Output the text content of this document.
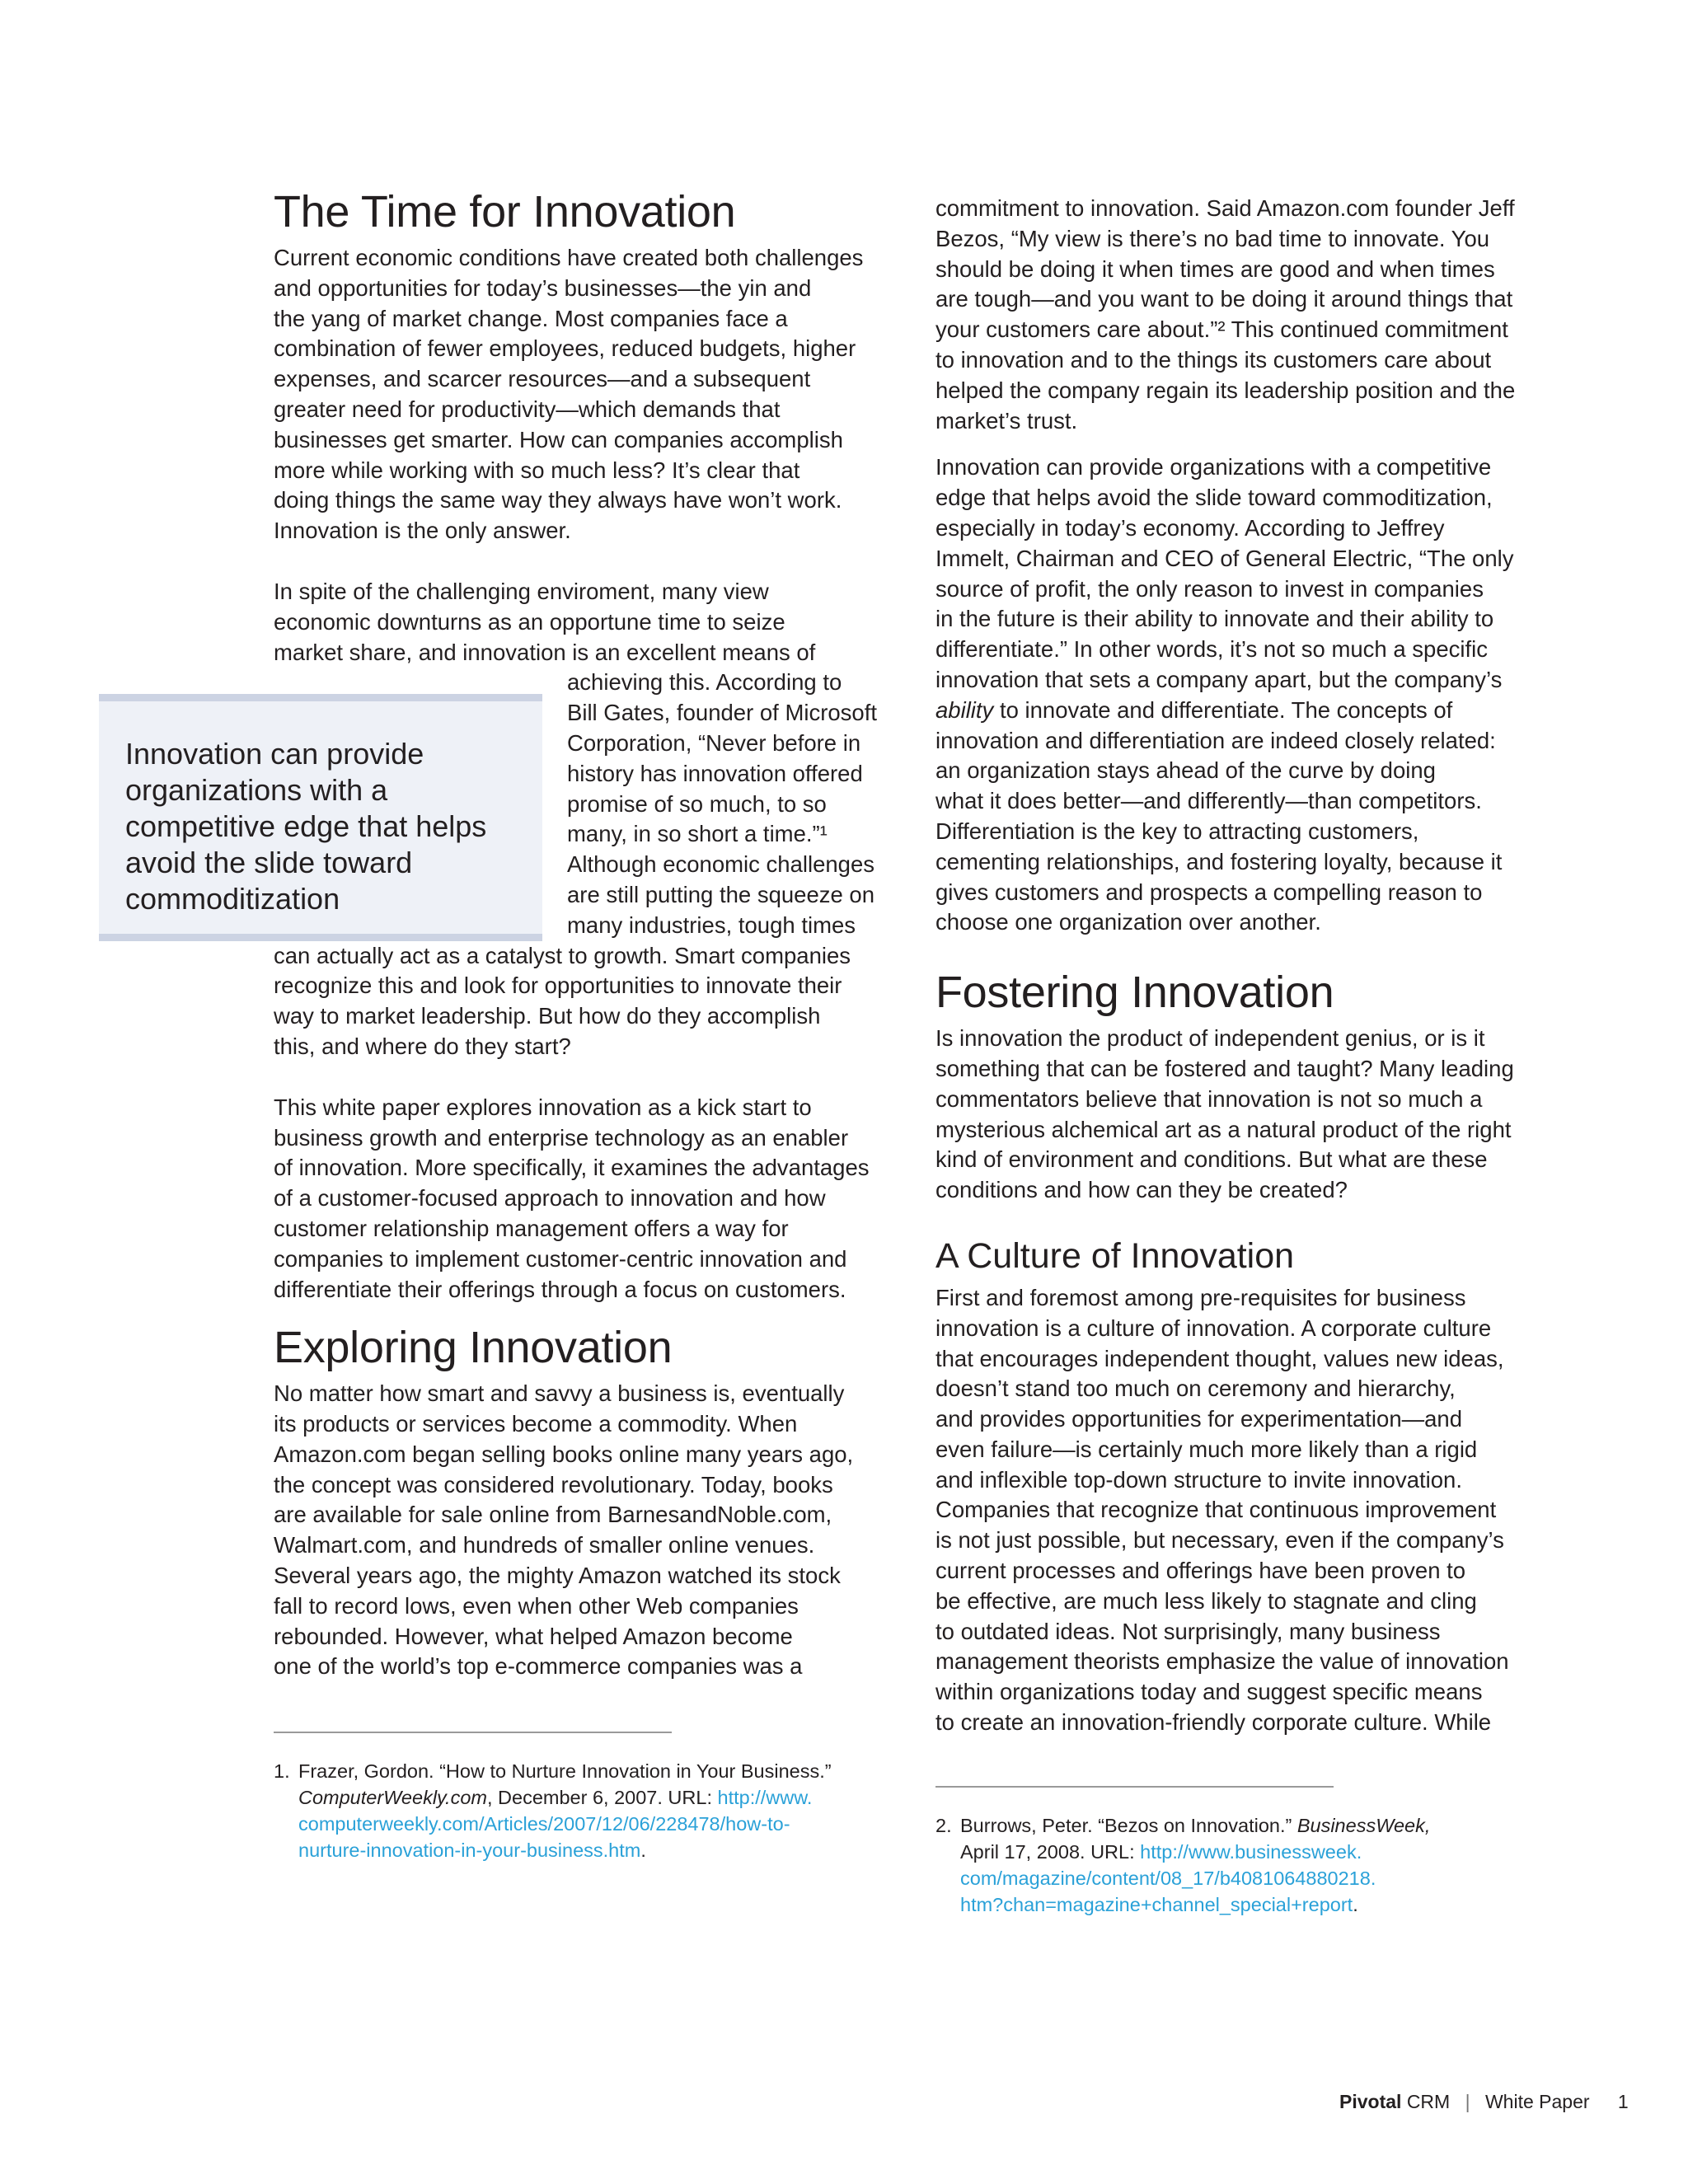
The Time for Innovation

Current economic conditions have created both challenges

and opportunities for today’s businesses—the yin and

the yang of market change. Most companies face a

combination of fewer employees, reduced budgets, higher

expenses, and scarcer resources—and a subsequent

greater need for productivity—which demands that

businesses get smarter. How can companies accomplish

more while working with so much less? It’s clear that

doing things the same way they always have won’t work.

Innovation is the only answer.

In spite of the challenging enviroment, many view

economic downturns as an opportune time to seize

market share, and innovation is an excellent means of

achieving this. According to

Bill Gates, founder of Microsoft

Corporation, “Never before in

history has innovation offered

promise of so much, to so

many, in so short a time.”¹

Although economic challenges

are still putting the squeeze on

many industries, tough times

can actually act as a catalyst to growth. Smart companies

recognize this and look for opportunities to innovate their

way to market leadership. But how do they accomplish

this, and where do they start?

This white paper explores innovation as a kick start to

business growth and enterprise technology as an enabler

of innovation. More specifically, it examines the advantages

of a customer-focused approach to innovation and how

customer relationship management offers a way for

companies to implement customer-centric innovation and

differentiate their offerings through a focus on customers.

Exploring Innovation

No matter how smart and savvy a business is, eventually

its products or services become a commodity. When

Amazon.com began selling books online many years ago,

the concept was considered revolutionary. Today, books

are available for sale online from BarnesandNoble.com,

Walmart.com, and hundreds of smaller online venues.

Several years ago, the mighty Amazon watched its stock

fall to record lows, even when other Web companies

rebounded. However, what helped Amazon become

one of the world’s top e-commerce companies was a

1. Frazer, Gordon. “How to Nurture Innovation in Your Business.”
ComputerWeekly.com, December 6, 2007. URL: http://www.
computerweekly.com/Articles/2007/12/06/228478/how-to-
nurture-innovation-in-your-business.htm.

Innovation can provide
organizations with a
competitive edge that helps
avoid the slide toward
commoditization

commitment to innovation. Said Amazon.com founder Jeff

Bezos, “My view is there’s no bad time to innovate. You

should be doing it when times are good and when times

are tough—and you want to be doing it around things that

your customers care about.”² This continued commitment

to innovation and to the things its customers care about

helped the company regain its leadership position and the

market’s trust.

Innovation can provide organizations with a competitive

edge that helps avoid the slide toward commoditization,

especially in today’s economy. According to Jeffrey

Immelt, Chairman and CEO of General Electric, “The only

source of profit, the only reason to invest in companies

in the future is their ability to innovate and their ability to

differentiate.” In other words, it’s not so much a specific

innovation that sets a company apart, but the company’s

ability to innovate and differentiate. The concepts of

innovation and differentiation are indeed closely related:

an organization stays ahead of the curve by doing

what it does better—and differently—than competitors.

Differentiation is the key to attracting customers,

cementing relationships, and fostering loyalty, because it

gives customers and prospects a compelling reason to

choose one organization over another.

Fostering Innovation

Is innovation the product of independent genius, or is it

something that can be fostered and taught? Many leading

commentators believe that innovation is not so much a

mysterious alchemical art as a natural product of the right

kind of environment and conditions. But what are these

conditions and how can they be created?

A Culture of Innovation

First and foremost among pre-requisites for business

innovation is a culture of innovation. A corporate culture

that encourages independent thought, values new ideas,

doesn’t stand too much on ceremony and hierarchy,

and provides opportunities for experimentation—and

even failure—is certainly much more likely than a rigid

and inflexible top-down structure to invite innovation.

Companies that recognize that continuous improvement

is not just possible, but necessary, even if the company’s

current processes and offerings have been proven to

be effective, are much less likely to stagnate and cling

to outdated ideas. Not surprisingly, many business

management theorists emphasize the value of innovation

within organizations today and suggest specific means

to create an innovation-friendly corporate culture. While

2. Burrows, Peter. “Bezos on Innovation.” BusinessWeek,
April 17, 2008. URL: http://www.businessweek.
com/magazine/content/08_17/b4081064880218.
htm?chan=magazine+channel_special+report.
Pivotal CRM | White Paper 1
